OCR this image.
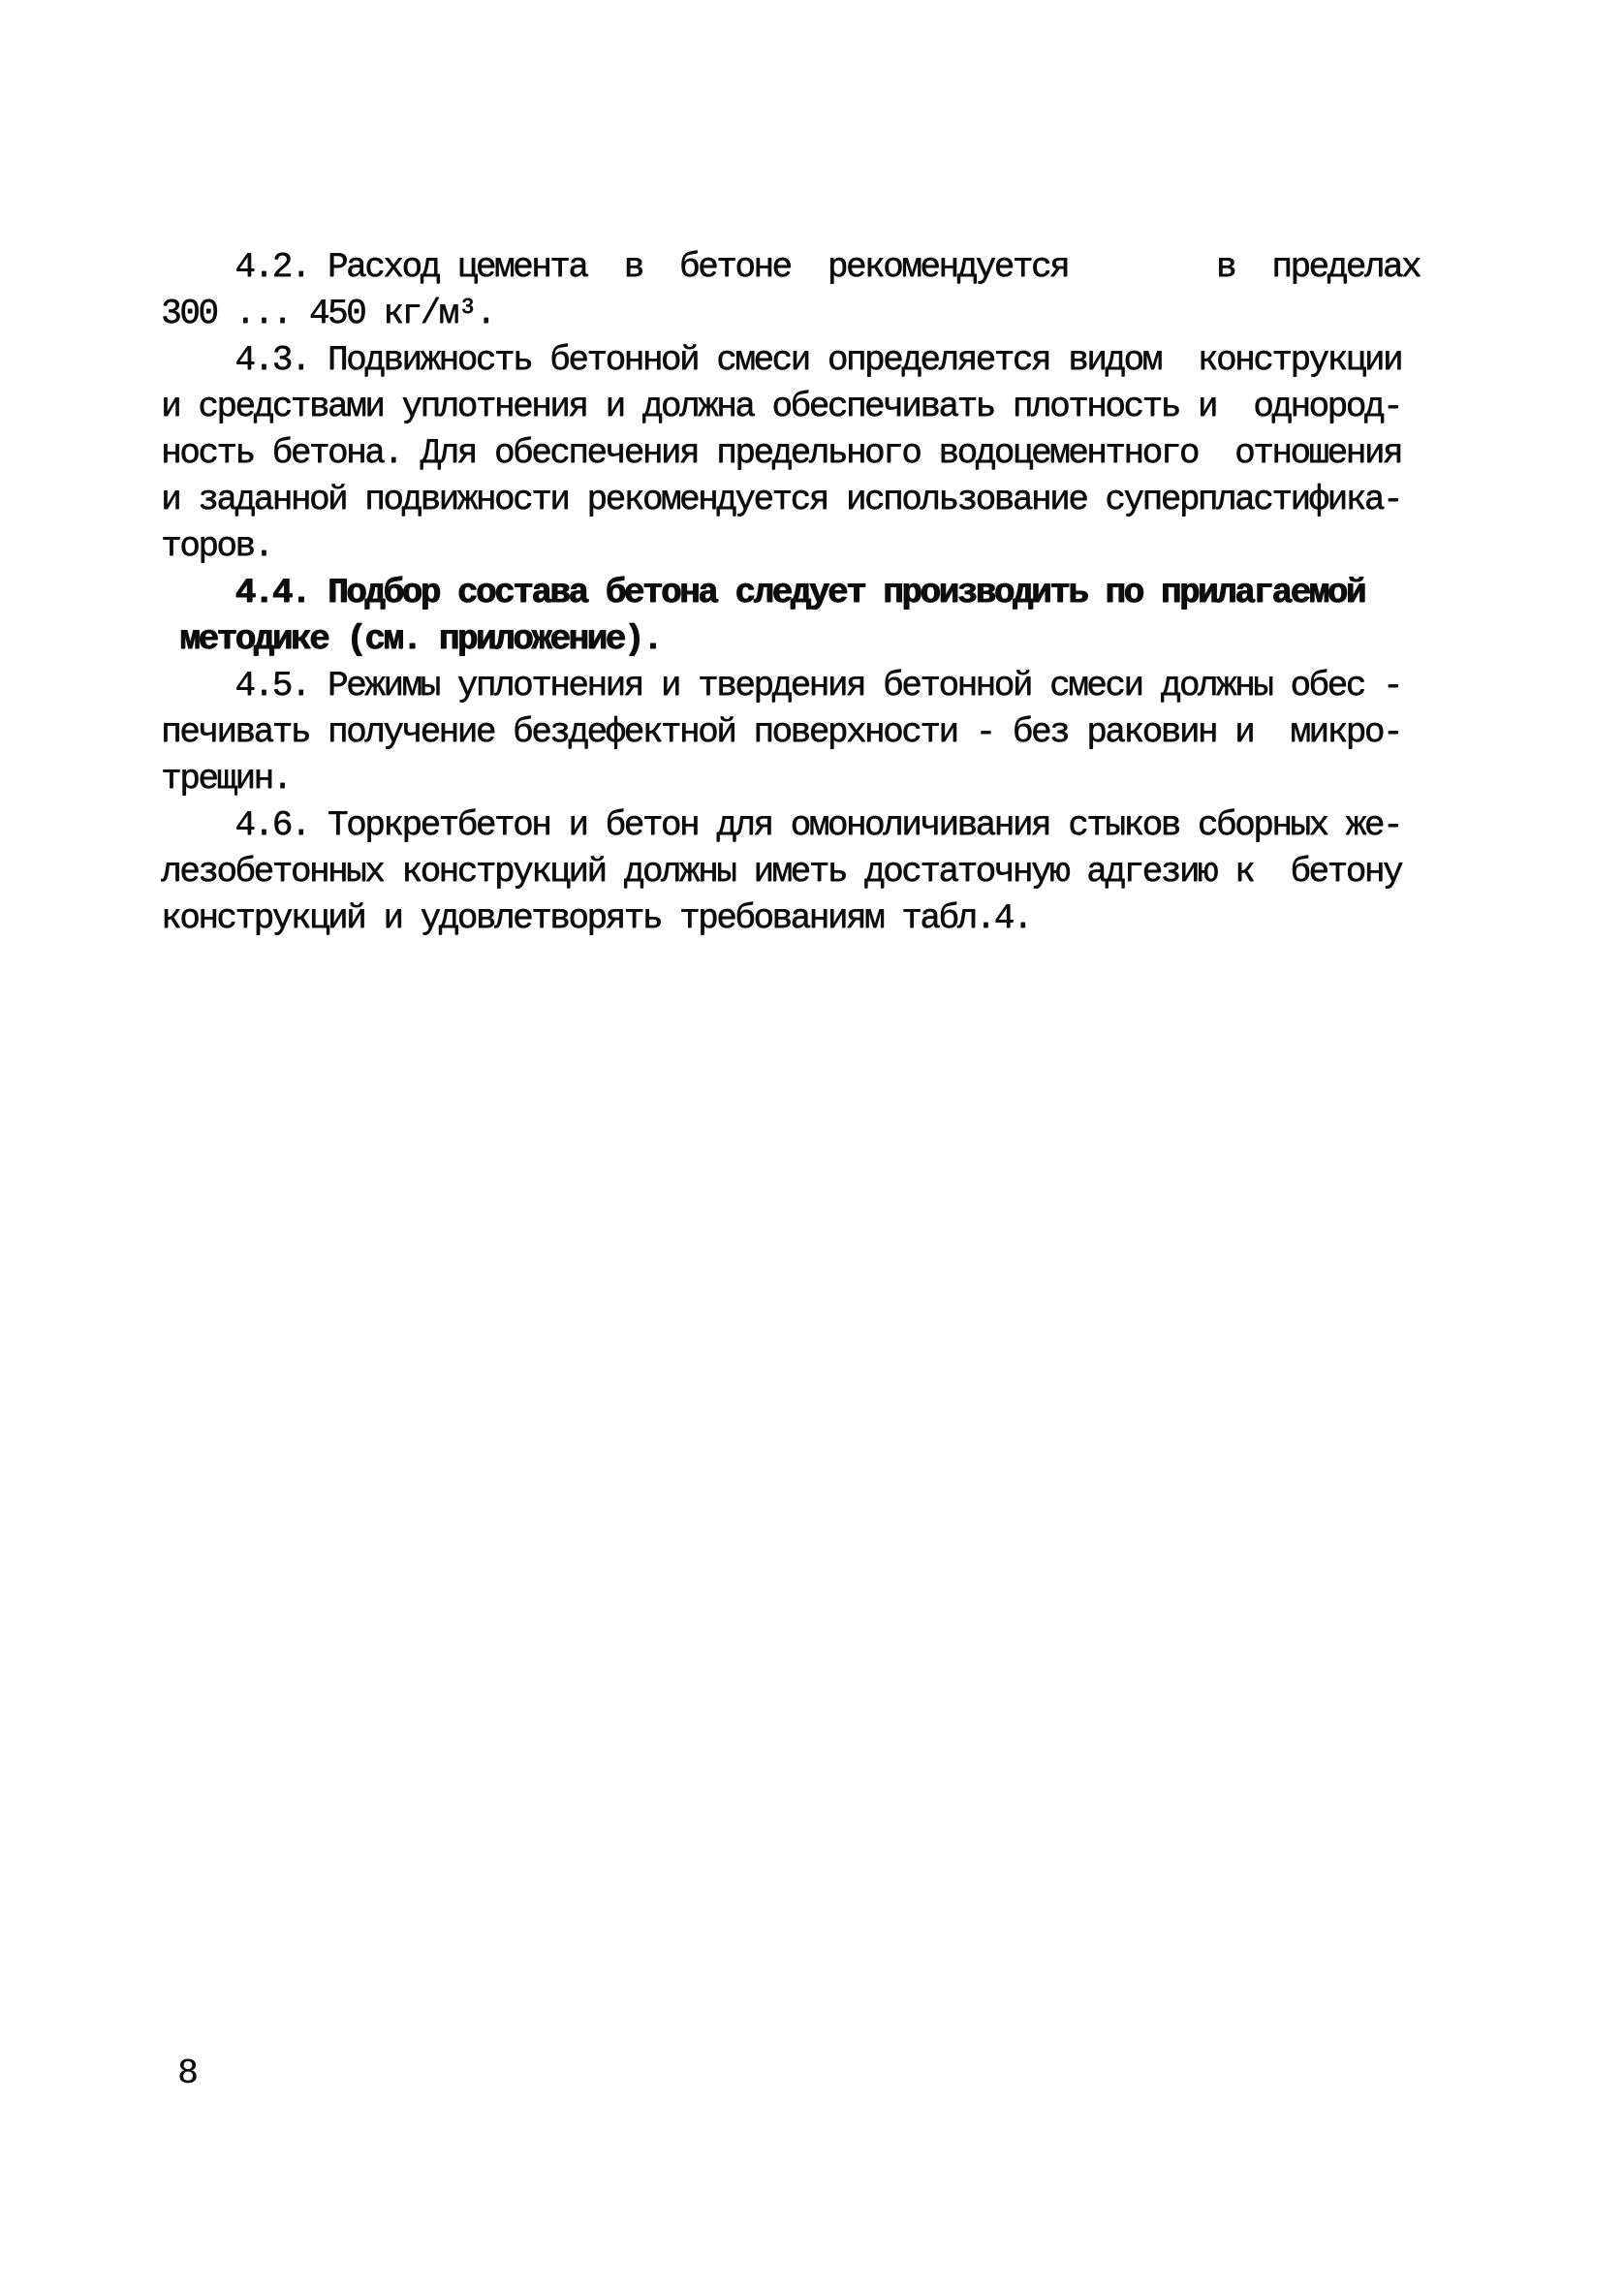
4.2. Расход цемента  в  бетоне  рекомендуется        в  пределах
300 ... 450 кг/м³.
4.3. Подвижность бетонной смеси определяется видом  конструкции
и средствами уплотнения и должна обеспечивать плотность и  однород-
ность бетона. Для обеспечения предельного водоцементного  отношения
и заданной подвижности рекомендуется использование суперпластифика-
торов.
4.4. Подбор состава бетона следует производить по прилагаемой
методике (см. приложение).
4.5. Режимы уплотнения и твердения бетонной смеси должны обес -
печивать получение бездефектной поверхности - без раковин и  микро-
трещин.
4.6. Торкретбетон и бетон для омоноличивания стыков сборных же-
лезобетонных конструкций должны иметь достаточную адгезию к  бетону
конструкций и удовлетворять требованиям табл.4.
8
